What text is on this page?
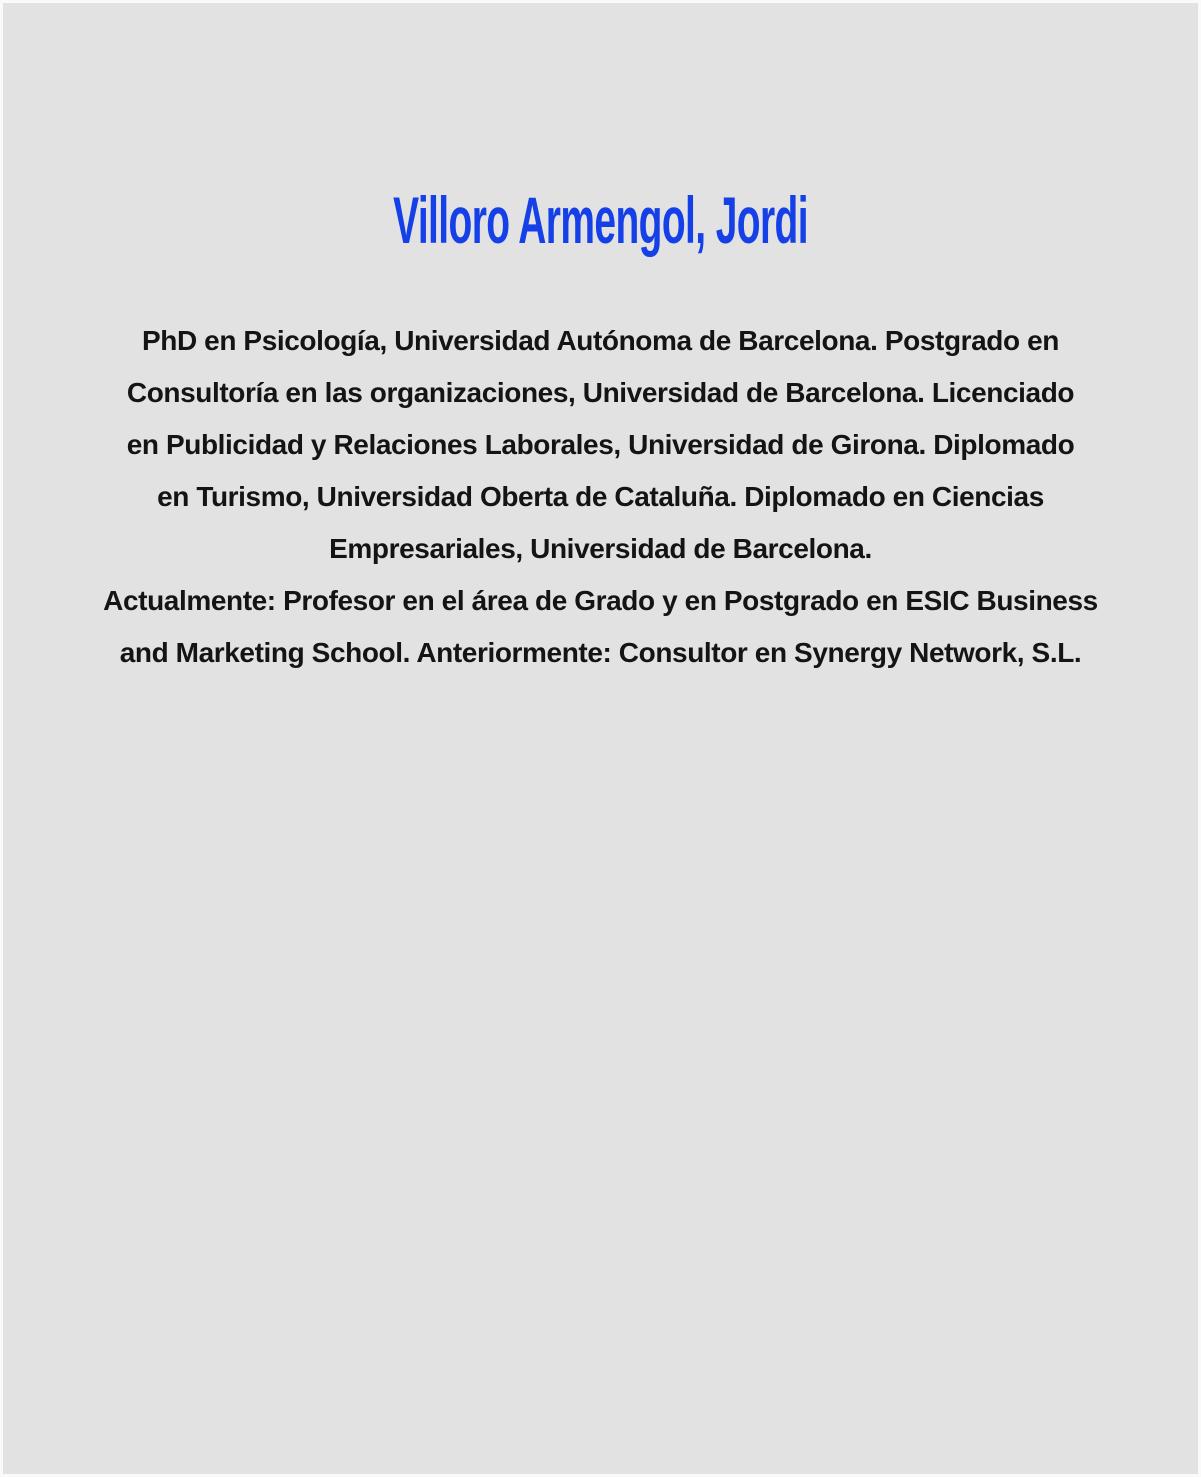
Villoro Armengol, Jordi

PhD en Psicología, Universidad Autónoma de Barcelona. Postgrado en
Consultoría en las organizaciones, Universidad de Barcelona. Licenciado
en Publicidad y Relaciones Laborales, Universidad de Girona. Diplomado
en Turismo, Universidad Oberta de Cataluña. Diplomado en Ciencias
Empresariales, Universidad de Barcelona.

Actualmente: Profesor en el área de Grado y en Postgrado en ESIC Business
and Marketing School. Anteriormente: Consultor en Synergy Network, S.L.
